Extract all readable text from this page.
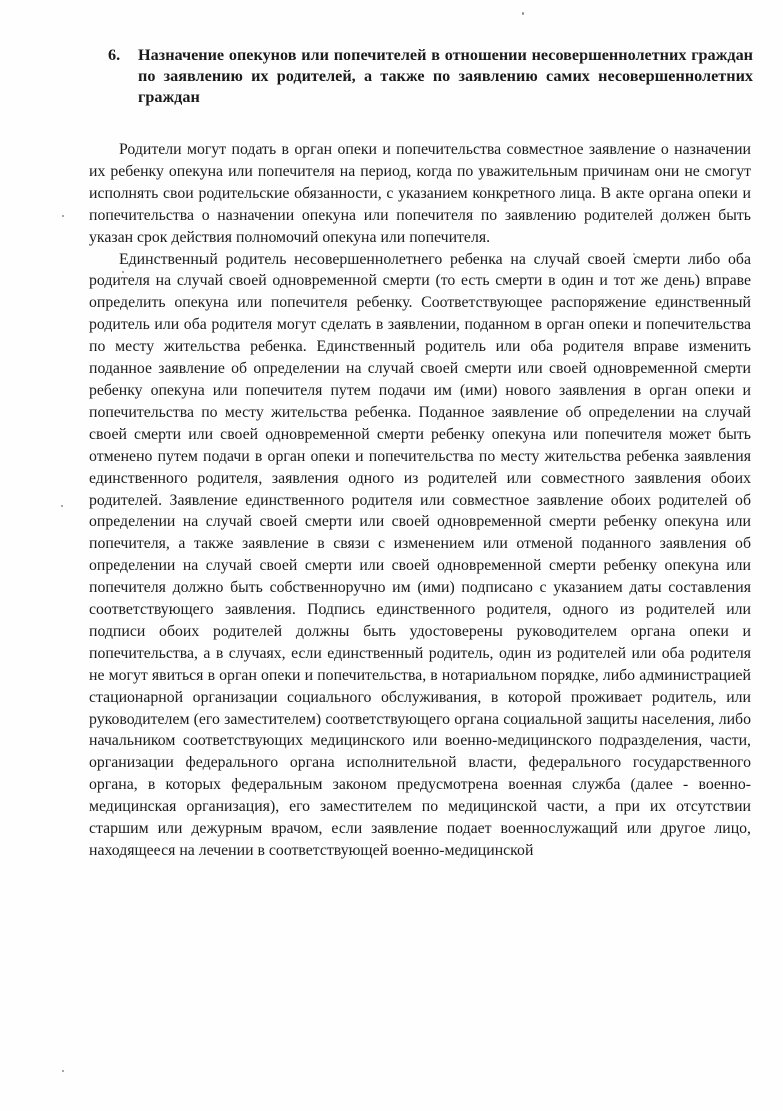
6. Назначение опекунов или попечителей в отношении несовершеннолетних граждан по заявлению их родителей, а также по заявлению самих несовершеннолетних граждан

Родители могут подать в орган опеки и попечительства совместное заявление о назначении их ребенку опекуна или попечителя на период, когда по уважительным причинам они не смогут исполнять свои родительские обязанности, с указанием конкретного лица. В акте органа опеки и попечительства о назначении опекуна или попечителя по заявлению родителей должен быть указан срок действия полномочий опекуна или попечителя.

Единственный родитель несовершеннолетнего ребенка на случай своей смерти либо оба родителя на случай своей одновременной смерти (то есть смерти в один и тот же день) вправе определить опекуна или попечителя ребенку. Соответствующее распоряжение единственный родитель или оба родителя могут сделать в заявлении, поданном в орган опеки и попечительства по месту жительства ребенка. Единственный родитель или оба родителя вправе изменить поданное заявление об определении на случай своей смерти или своей одновременной смерти ребенку опекуна или попечителя путем подачи им (ими) нового заявления в орган опеки и попечительства по месту жительства ребенка. Поданное заявление об определении на случай своей смерти или своей одновременной смерти ребенку опекуна или попечителя может быть отменено путем подачи в орган опеки и попечительства по месту жительства ребенка заявления единственного родителя, заявления одного из родителей или совместного заявления обоих родителей. Заявление единственного родителя или совместное заявление обоих родителей об определении на случай своей смерти или своей одновременной смерти ребенку опекуна или попечителя, а также заявление в связи с изменением или отменой поданного заявления об определении на случай своей смерти или своей одновременной смерти ребенку опекуна или попечителя должно быть собственноручно им (ими) подписано с указанием даты составления соответствующего заявления. Подпись единственного родителя, одного из родителей или подписи обоих родителей должны быть удостоверены руководителем органа опеки и попечительства, а в случаях, если единственный родитель, один из родителей или оба родителя не могут явиться в орган опеки и попечительства, в нотариальном порядке, либо администрацией стационарной организации социального обслуживания, в которой проживает родитель, или руководителем (его заместителем) соответствующего органа социальной защиты населения, либо начальником соответствующих медицинского или военно-медицинского подразделения, части, организации федерального органа исполнительной власти, федерального государственного органа, в которых федеральным законом предусмотрена военная служба (далее - военно-медицинская организация), его заместителем по медицинской части, а при их отсутствии старшим или дежурным врачом, если заявление подает военнослужащий или другое лицо, находящееся на лечении в соответствующей военно-медицинской
